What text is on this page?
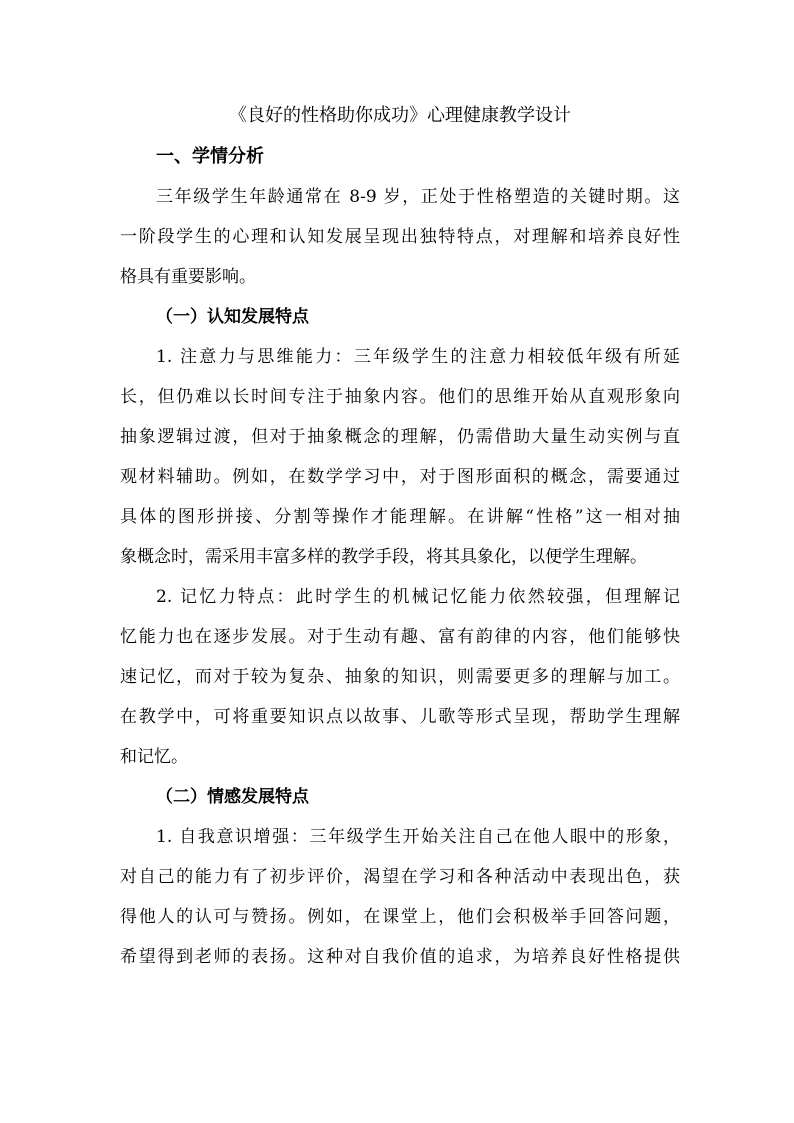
《良好的性格助你成功》心理健康教学设计
一、学情分析

三年级学生年龄通常在 8-9 岁，正处于性格塑造的关键时期。这
一阶段学生的心理和认知发展呈现出独特特点，对理解和培养良好性
格具有重要影响。

（一）认知发展特点

1. 注意力与思维能力：三年级学生的注意力相较低年级有所延
长，但仍难以长时间专注于抽象内容。他们的思维开始从直观形象向
抽象逻辑过渡，但对于抽象概念的理解，仍需借助大量生动实例与直
观材料辅助。例如，在数学学习中，对于图形面积的概念，需要通过
具体的图形拼接、分割等操作才能理解。在讲解“性格”这一相对抽
象概念时，需采用丰富多样的教学手段，将其具象化，以便学生理解。

2. 记忆力特点：此时学生的机械记忆能力依然较强，但理解记
忆能力也在逐步发展。对于生动有趣、富有韵律的内容，他们能够快
速记忆，而对于较为复杂、抽象的知识，则需要更多的理解与加工。
在教学中，可将重要知识点以故事、儿歌等形式呈现，帮助学生理解
和记忆。

（二）情感发展特点

1. 自我意识增强：三年级学生开始关注自己在他人眼中的形象，
对自己的能力有了初步评价，渴望在学习和各种活动中表现出色，获
得他人的认可与赞扬。例如，在课堂上，他们会积极举手回答问题，
希望得到老师的表扬。这种对自我价值的追求，为培养良好性格提供
